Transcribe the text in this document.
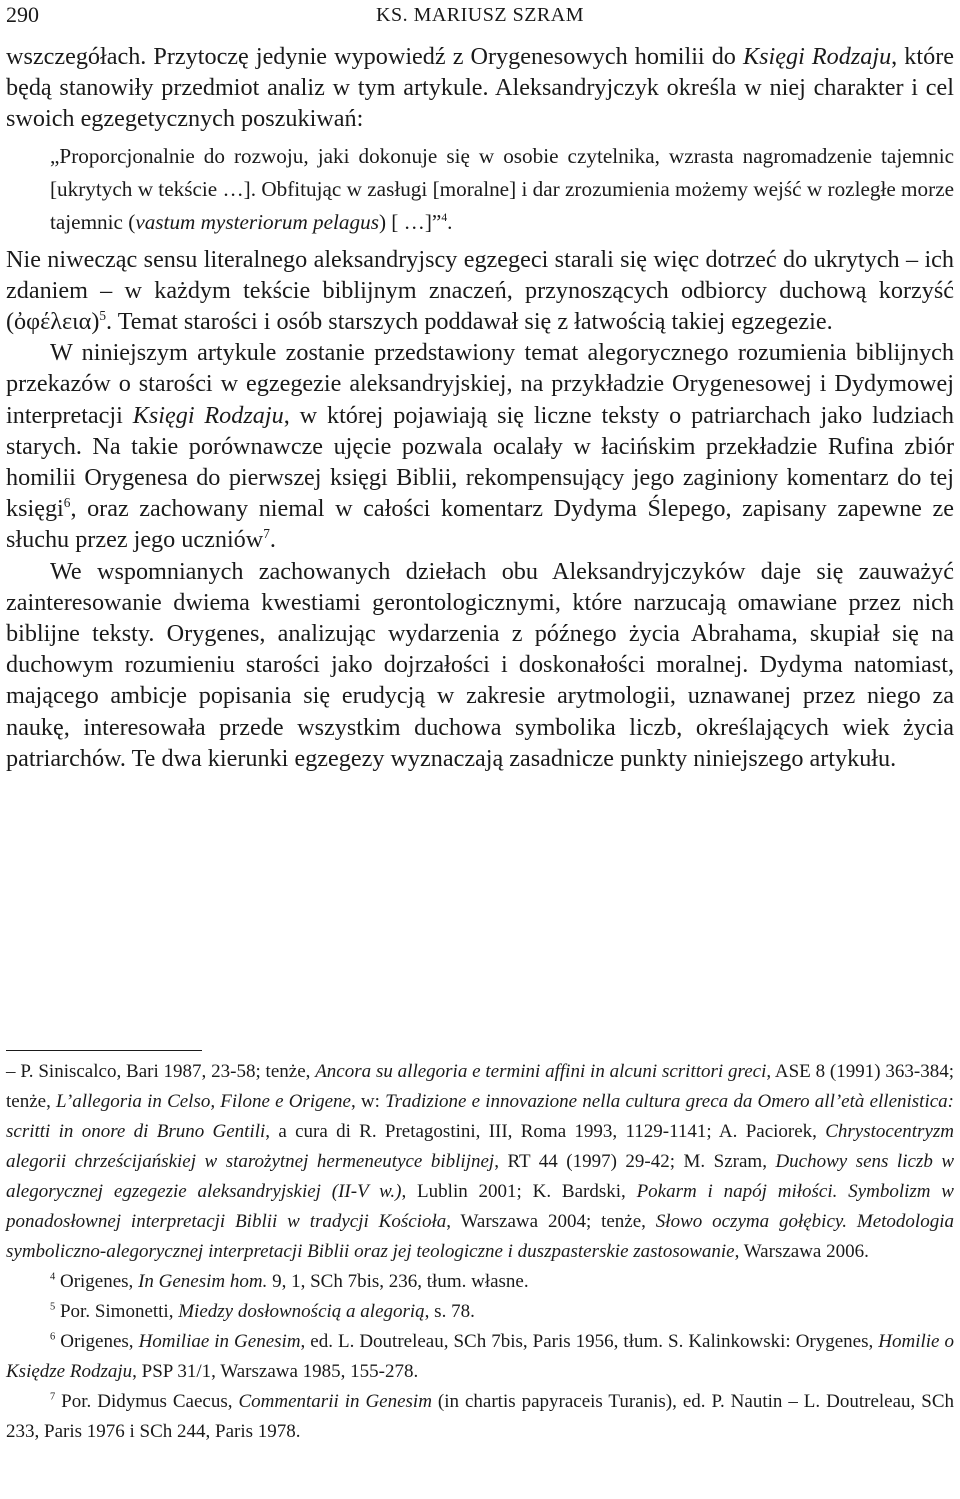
290	KS. MARIUSZ SZRAM

wszczegółach. Przytoczę jedynie wypowiedź z Orygenesowych homilii do Księgi Rodzaju, które będą stanowiły przedmiot analiz w tym artykule. Aleksandryjczyk określa w niej charakter i cel swoich egzegetycznych poszukiwań:

„Proporcjonalnie do rozwoju, jaki dokonuje się w osobie czytelnika, wzrasta nagromadzenie tajemnic [ukrytych w tekście …]. Obfitując w zasługi [moralne] i dar zrozumienia możemy wejść w rozległe morze tajemnic (vastum mysteriorum pelagus) [ …]”$^4$.

Nie niwecząc sensu literalnego aleksandryjscy egzegeci starali się więc dotrzeć do ukrytych – ich zdaniem – w każdym tekście biblijnym znaczeń, przynoszących odbiorcy duchową korzyść (ὀφέλεια)$^5$. Temat starości i osób starszych poddawał się z łatwością takiej egzegezie.

W niniejszym artykule zostanie przedstawiony temat alegorycznego rozumienia biblijnych przekazów o starości w egzegezie aleksandryjskiej, na przykładzie Orygenesowej i Dydymowej interpretacji Księgi Rodzaju, w której pojawiają się liczne teksty o patriarchach jako ludziach starych. Na takie porównawcze ujęcie pozwala ocalały w łacińskim przekładzie Rufina zbiór homilii Orygenesa do pierwszej księgi Biblii, rekompensujący jego zaginiony komentarz do tej księgi$^6$, oraz zachowany niemal w całości komentarz Dydyma Ślepego, zapisany zapewne ze słuchu przez jego uczniów$^7$.

We wspomnianych zachowanych dziełach obu Aleksandryjczyków daje się zauważyć zainteresowanie dwiema kwestiami gerontologicznymi, które narzucają omawiane przez nich biblijne teksty. Orygenes, analizując wydarzenia z późnego życia Abrahama, skupiał się na duchowym rozumieniu starości jako dojrzałości i doskonałości moralnej. Dydyma natomiast, mającego ambicje popisania się erudycją w zakresie arytmologii, uznawanej przez niego za naukę, interesowała przede wszystkim duchowa symbolika liczb, określających wiek życia patriarchów. Te dwa kierunki egzegezy wyznaczają zasadnicze punkty niniejszego artykułu.

– P. Siniscalco, Bari 1987, 23-58; tenże, Ancora su allegoria e termini affini in alcuni scrittori greci, ASE 8 (1991) 363-384; tenże, L’allegoria in Celso, Filone e Origene, w: Tradizione e innovazione nella cultura greca da Omero all’età ellenistica: scritti in onore di Bruno Gentili, a cura di R. Pretagostini, III, Roma 1993, 1129-1141; A. Paciorek, Chrystocentryzm alegorii chrześcijańskiej w starożytnej hermeneutyce biblijnej, RT 44 (1997) 29-42; M. Szram, Duchowy sens liczb w alegorycznej egzegezie aleksandryjskiej (II-V w.), Lublin 2001; K. Bardski, Pokarm i napój miłości. Symbolizm w ponadosłownej interpretacji Biblii w tradycji Kościoła, Warszawa 2004; tenże, Słowo oczyma gołębicy. Metodologia symboliczno-alegorycznej interpretacji Biblii oraz jej teologiczne i duszpasterskie zastosowanie, Warszawa 2006.

$^4$ Origenes, In Genesim hom. 9, 1, SCh 7bis, 236, tłum. własne.

$^5$ Por. Simonetti, Miedzy dosłownością a alegorią, s. 78.

$^6$ Origenes, Homiliae in Genesim, ed. L. Doutreleau, SCh 7bis, Paris 1956, tłum. S. Kalinkowski: Orygenes, Homilie o Księdze Rodzaju, PSP 31/1, Warszawa 1985, 155-278.

$^7$ Por. Didymus Caecus, Commentarii in Genesim (in chartis papyraceis Turanis), ed. P. Nautin – L. Doutreleau, SCh 233, Paris 1976 i SCh 244, Paris 1978.
